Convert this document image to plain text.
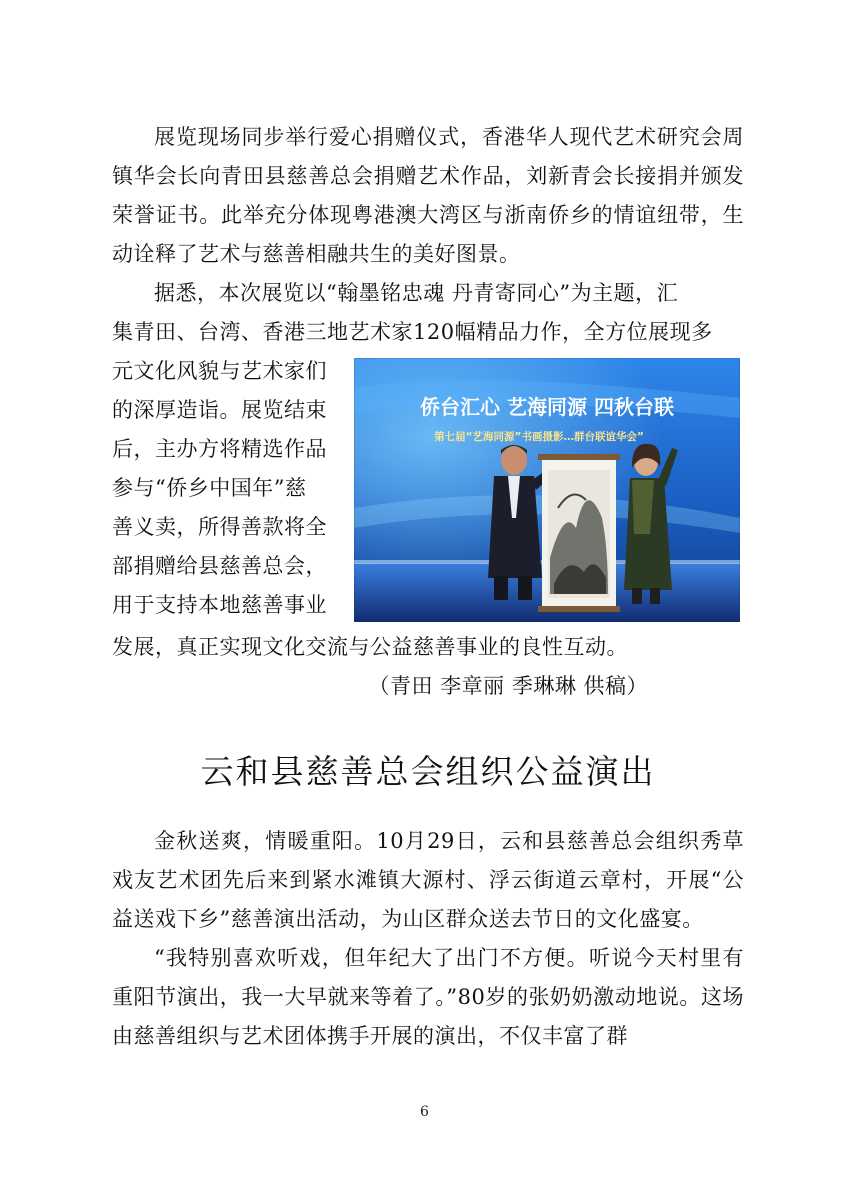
展览现场同步举行爱心捐赠仪式，香港华人现代艺术研究会周镇华会长向青田县慈善总会捐赠艺术作品，刘新青会长接捐并颁发荣誉证书。此举充分体现粤港澳大湾区与浙南侨乡的情谊纽带，生动诠释了艺术与慈善相融共生的美好图景。

据悉，本次展览以“翰墨铭忠魂 丹青寄同心”为主题，汇
集青田、台湾、香港三地艺术家120幅精品力作，全方位展现多
元文化风貌与艺术家们
的深厚造诣。展览结束
后，主办方将精选作品
参与“侨乡中国年”慈
善义卖，所得善款将全
部捐赠给县慈善总会，
用于支持本地慈善事业
侨台汇心 艺海同源 四秋台联
第七届“艺海同源”书画摄影…群台联谊华会”
发展，真正实现文化交流与公益慈善事业的良性互动。

（青田 李章丽 季琳琳 供稿）

云和县慈善总会组织公益演出

金秋送爽，情暖重阳。10月29日，云和县慈善总会组织秀草戏友艺术团先后来到紧水滩镇大源村、浮云街道云章村，开展“公益送戏下乡”慈善演出活动，为山区群众送去节日的文化盛宴。

“我特别喜欢听戏，但年纪大了出门不方便。听说今天村里有重阳节演出，我一大早就来等着了。”80岁的张奶奶激动地说。这场由慈善组织与艺术团体携手开展的演出，不仅丰富了群

6
